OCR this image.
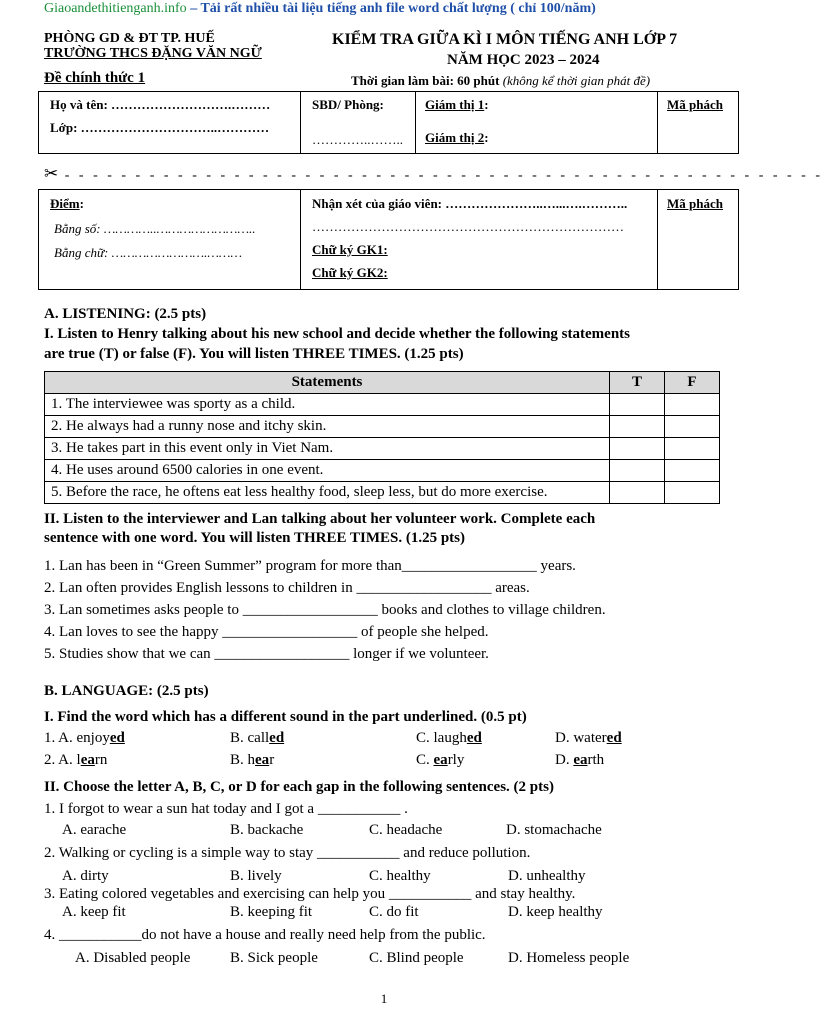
Giaoandethitienganh.info – Tải rất nhiều tài liệu tiếng anh file word chất lượng ( chỉ 100/năm)
PHÒNG GD & ĐT TP. HUẾ
TRƯỜNG THCS ĐẶNG VĂN NGỮ
Đề chính thức 1
KIỂM TRA GIỮA KÌ I MÔN TIẾNG ANH LỚP 7
NĂM HỌC 2023 – 2024
Thời gian làm bài: 60 phút (không kể thời gian phát đề)
Họ và tên: ……………………….………
Lớp: …………………………..…………
SBD/ Phòng:
…………..……..
Giám thị 1:
Giám thị 2:
Mã phách
✂ - - - - - - - - - - - - - - - - - - - - - - - - - - - - - - - - - - - - - - - - - - - - - - - - - - - - - -
Điểm:
Bằng số: …………..……………………..
Bằng chữ: …………………….………
Nhận xét của giáo viên: …………………..…...….………..
………………………………………………………………
Chữ ký GK1:
Chữ ký GK2:
Mã phách
A. LISTENING: (2.5 pts)
I. Listen to Henry talking about his new school and decide whether the following statements
are true (T) or false (F). You will listen THREE TIMES. (1.25 pts)
Statements	T	F
1. The interviewee was sporty as a child.		
2. He always had a runny nose and itchy skin.		
3. He takes part in this event only in Viet Nam.		
4. He uses around 6500 calories in one event.		
5. Before the race, he oftens eat less healthy food, sleep less, but do more exercise.		
II. Listen to the interviewer and Lan talking about her volunteer work. Complete each
sentence with one word. You will listen THREE TIMES. (1.25 pts)
1. Lan has been in “Green Summer” program for more than__________________ years.
2. Lan often provides English lessons to children in __________________ areas.
3. Lan sometimes asks people to __________________ books and clothes to village children.
4. Lan loves to see the happy __________________ of people she helped.
5. Studies show that we can __________________ longer if we volunteer.
B. LANGUAGE: (2.5 pts)
I. Find the word which has a different sound in the part underlined. (0.5 pt)
1. A. enjoyed	B. called	C. laughed	D. watered
2. A. learn	B. hear	C. early	D. earth
II. Choose the letter A, B, C, or D for each gap in the following sentences. (2 pts)
1. I forgot to wear a sun hat today and I got a ___________ .
A. earache	B. backache	C. headache	D. stomachache
2. Walking or cycling is a simple way to stay ___________ and reduce pollution.
A. dirty	B. lively	C. healthy	D. unhealthy
3. Eating colored vegetables and exercising can help you ___________ and stay healthy.
A. keep fit	B. keeping fit	C. do fit	D. keep healthy
4. ___________do not have a house and really need help from the public.
A. Disabled people	B. Sick people	C. Blind people	D. Homeless people
1
